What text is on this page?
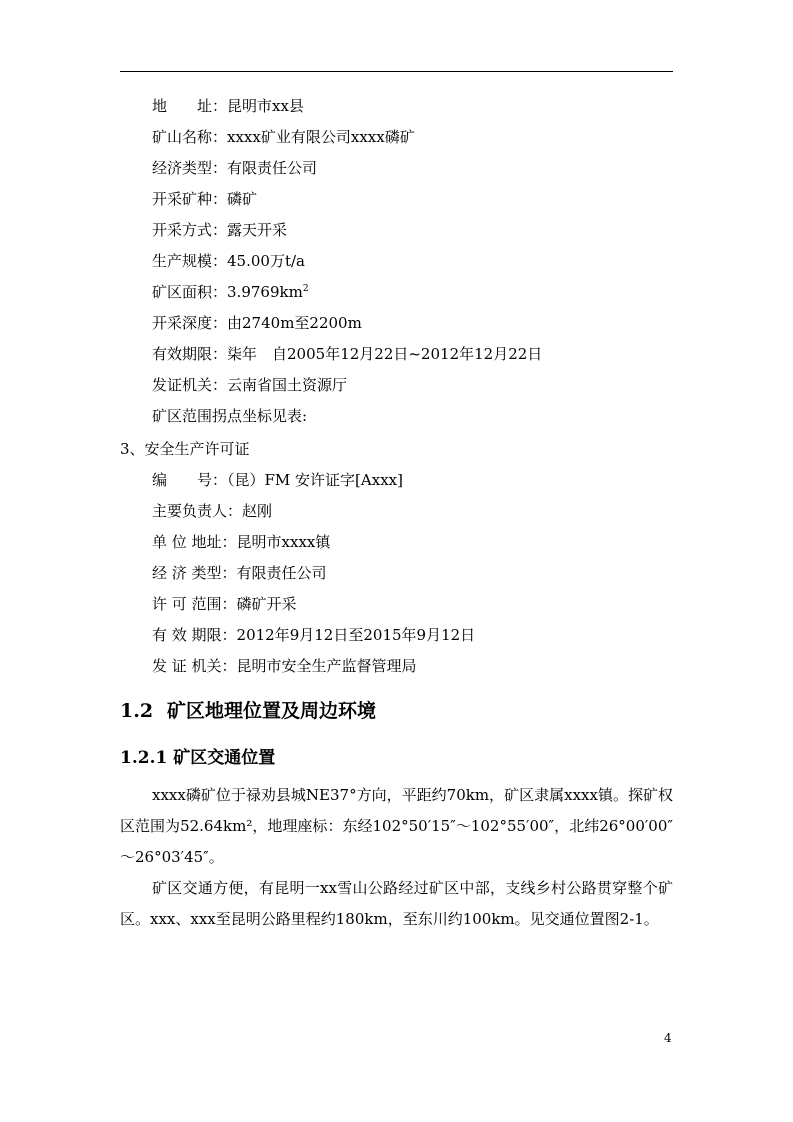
地　　址：昆明市xx县
矿山名称：xxxx矿业有限公司xxxx磷矿
经济类型：有限责任公司
开采矿种：磷矿
开采方式：露天开采
生产规模：45.00万t/a
矿区面积：$3.9769km^2$
开采深度：由2740m至2200m
有效期限：柒年　自2005年12月22日~2012年12月22日
发证机关：云南省国土资源厅
矿区范围拐点坐标见表:
3、安全生产许可证
编　　号：（昆）FM 安许证字[Axxx]
主要负责人：赵刚
单 位 地址：昆明市xxxx镇
经 济 类型：有限责任公司
许 可 范围：磷矿开采
有 效 期限：2012年9月12日至2015年9月12日
发 证 机关：昆明市安全生产监督管理局
1.2 矿区地理位置及周边环境
1.2.1 矿区交通位置
xxxx磷矿位于禄劝县城NE37°方向，平距约70km，矿区隶属xxxx镇。探矿权区范围为52.64km²，地理座标：东经102°50′15″～102°55′00″，北纬26°00′00″～26°03′45″。
矿区交通方便，有昆明一xx雪山公路经过矿区中部，支线乡村公路贯穿整个矿区。xxx、xxx至昆明公路里程约180km，至东川约100km。见交通位置图2-1。
4
